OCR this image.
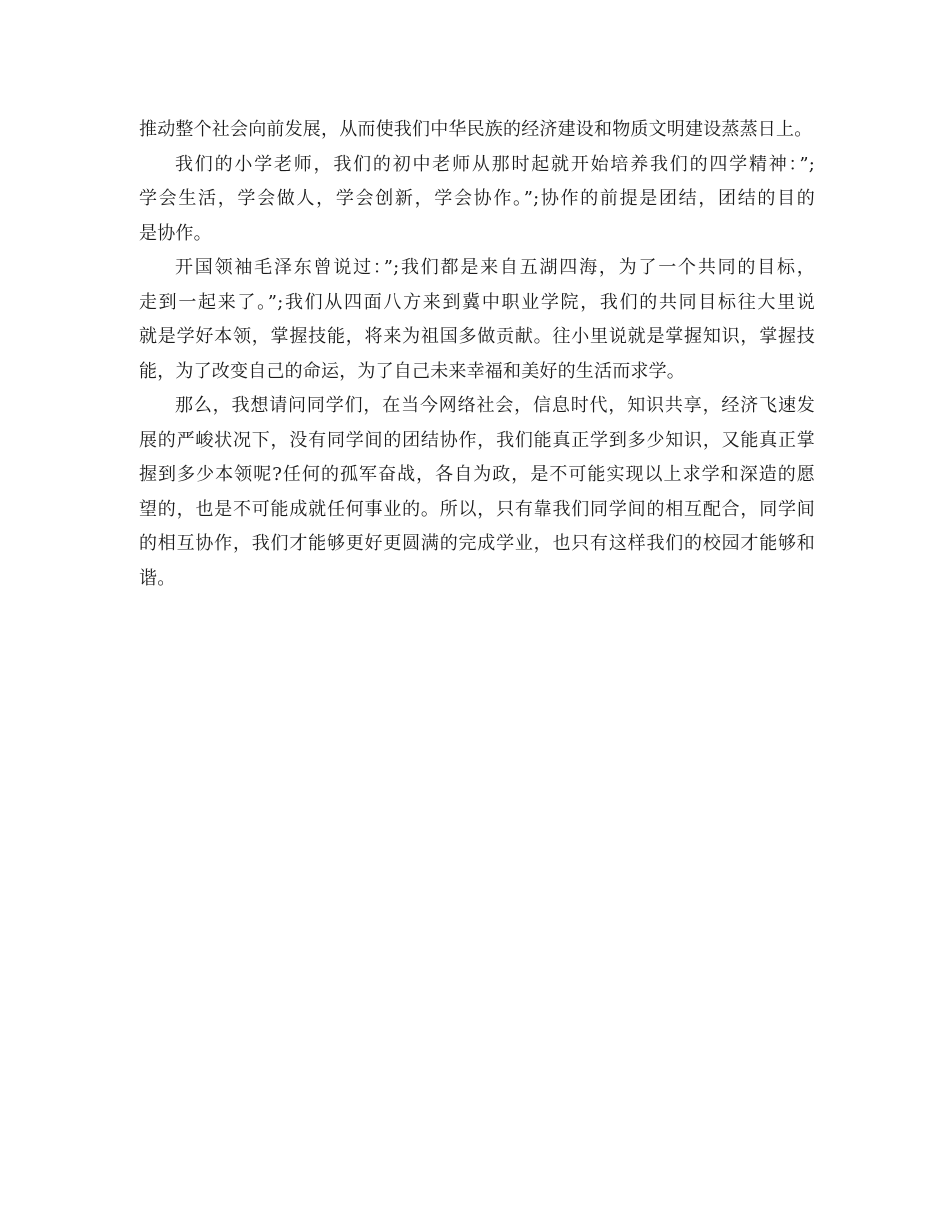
推动整个社会向前发展，从而使我们中华民族的经济建设和物质文明建设蒸蒸日上。
我们的小学老师，我们的初中老师从那时起就开始培养我们的四学精神：”;
学会生活，学会做人，学会创新，学会协作。”;协作的前提是团结，团结的目的
是协作。
开国领袖毛泽东曾说过：”;我们都是来自五湖四海，为了一个共同的目标，
走到一起来了。”;我们从四面八方来到冀中职业学院，我们的共同目标往大里说
就是学好本领，掌握技能，将来为祖国多做贡献。往小里说就是掌握知识，掌握技
能，为了改变自己的命运，为了自己未来幸福和美好的生活而求学。
那么，我想请问同学们，在当今网络社会，信息时代，知识共享，经济飞速发
展的严峻状况下，没有同学间的团结协作，我们能真正学到多少知识，又能真正掌
握到多少本领呢?任何的孤军奋战，各自为政，是不可能实现以上求学和深造的愿
望的，也是不可能成就任何事业的。所以，只有靠我们同学间的相互配合，同学间
的相互协作，我们才能够更好更圆满的完成学业，也只有这样我们的校园才能够和
谐。
